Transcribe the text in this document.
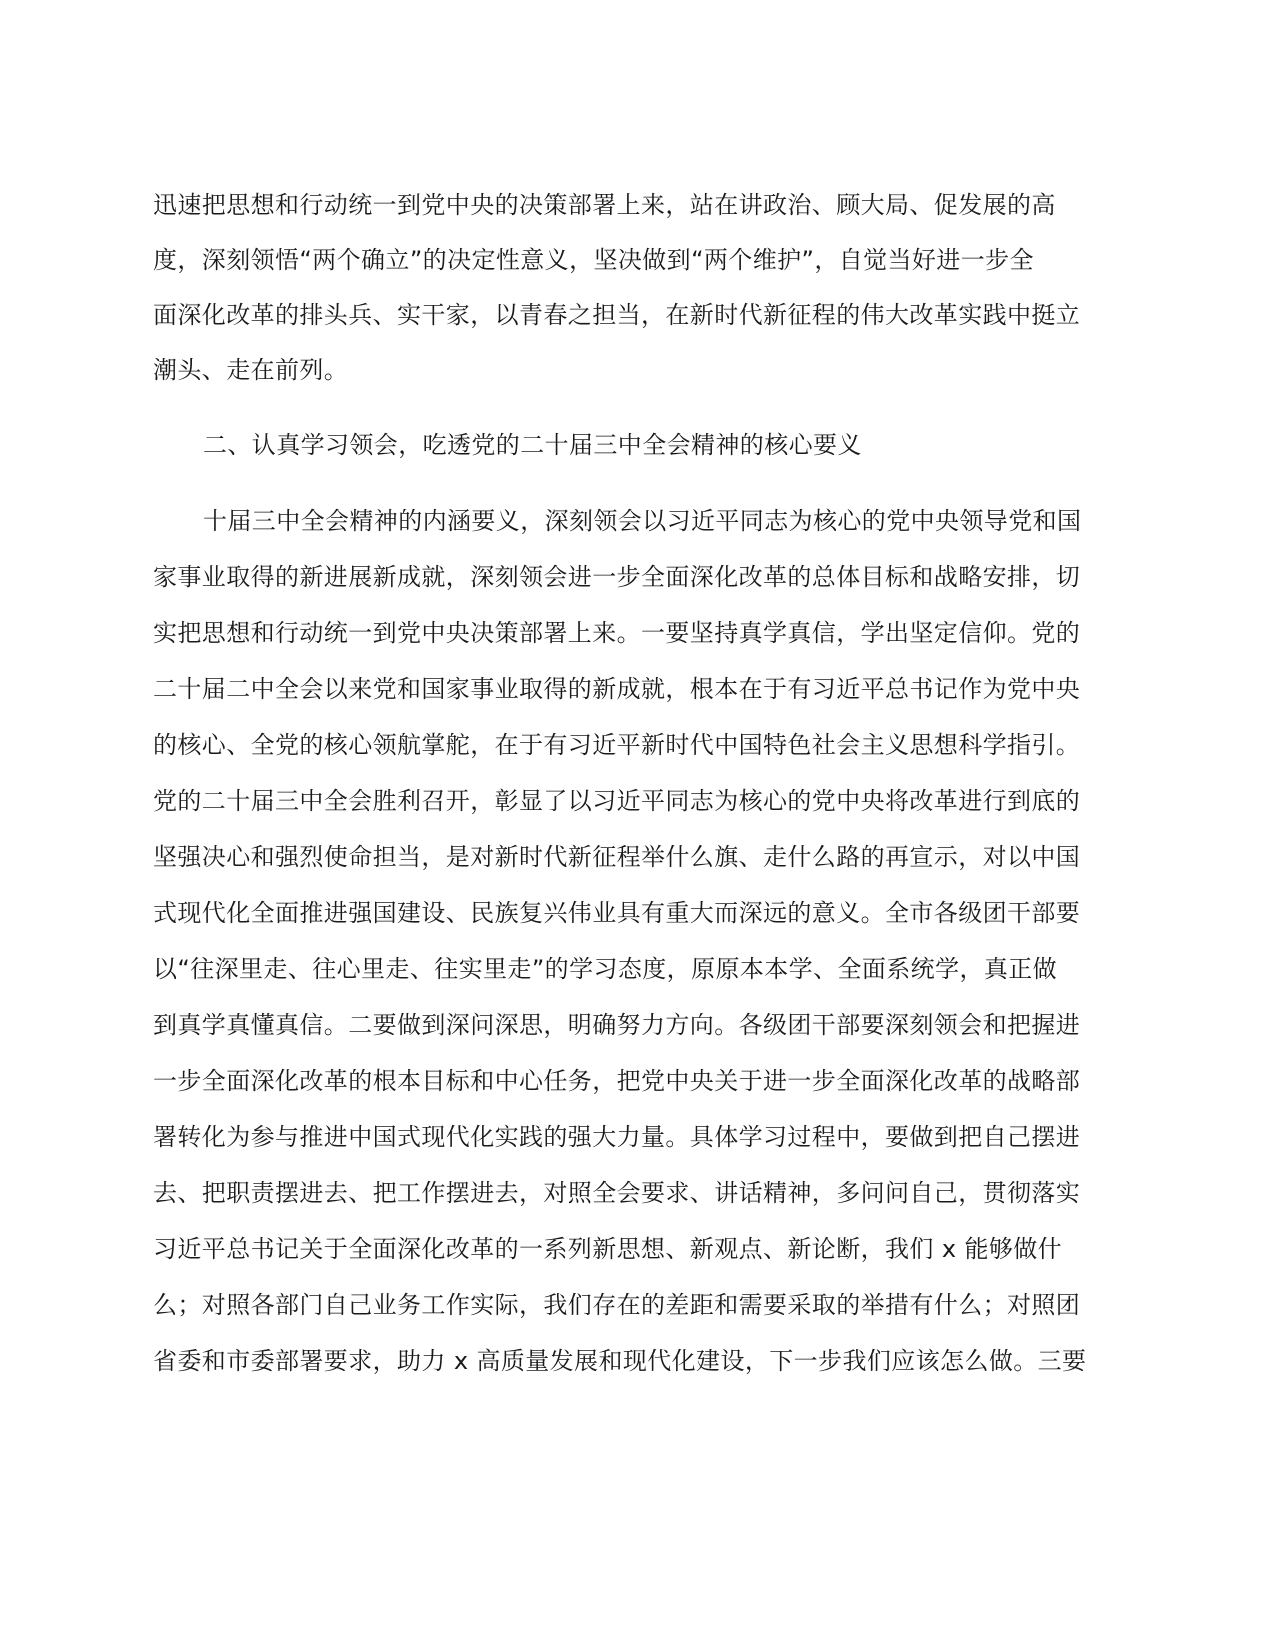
迅速把思想和行动统一到党中央的决策部署上来，站在讲政治、顾大局、促发展的高
度，深刻领悟“两个确立”的决定性意义，坚决做到“两个维护”，自觉当好进一步全
面深化改革的排头兵、实干家，以青春之担当，在新时代新征程的伟大改革实践中挺立
潮头、走在前列。
二、认真学习领会，吃透党的二十届三中全会精神的核心要义
十届三中全会精神的内涵要义，深刻领会以习近平同志为核心的党中央领导党和国
家事业取得的新进展新成就，深刻领会进一步全面深化改革的总体目标和战略安排，切
实把思想和行动统一到党中央决策部署上来。一要坚持真学真信，学出坚定信仰。党的
二十届二中全会以来党和国家事业取得的新成就，根本在于有习近平总书记作为党中央
的核心、全党的核心领航掌舵，在于有习近平新时代中国特色社会主义思想科学指引。
党的二十届三中全会胜利召开，彰显了以习近平同志为核心的党中央将改革进行到底的
坚强决心和强烈使命担当，是对新时代新征程举什么旗、走什么路的再宣示，对以中国
式现代化全面推进强国建设、民族复兴伟业具有重大而深远的意义。全市各级团干部要
以“往深里走、往心里走、往实里走”的学习态度，原原本本学、全面系统学，真正做
到真学真懂真信。二要做到深问深思，明确努力方向。各级团干部要深刻领会和把握进
一步全面深化改革的根本目标和中心任务，把党中央关于进一步全面深化改革的战略部
署转化为参与推进中国式现代化实践的强大力量。具体学习过程中，要做到把自己摆进
去、把职责摆进去、把工作摆进去，对照全会要求、讲话精神，多问问自己，贯彻落实
习近平总书记关于全面深化改革的一系列新思想、新观点、新论断，我们 x 能够做什
么；对照各部门自己业务工作实际，我们存在的差距和需要采取的举措有什么；对照团
省委和市委部署要求，助力 x 高质量发展和现代化建设，下一步我们应该怎么做。三要
